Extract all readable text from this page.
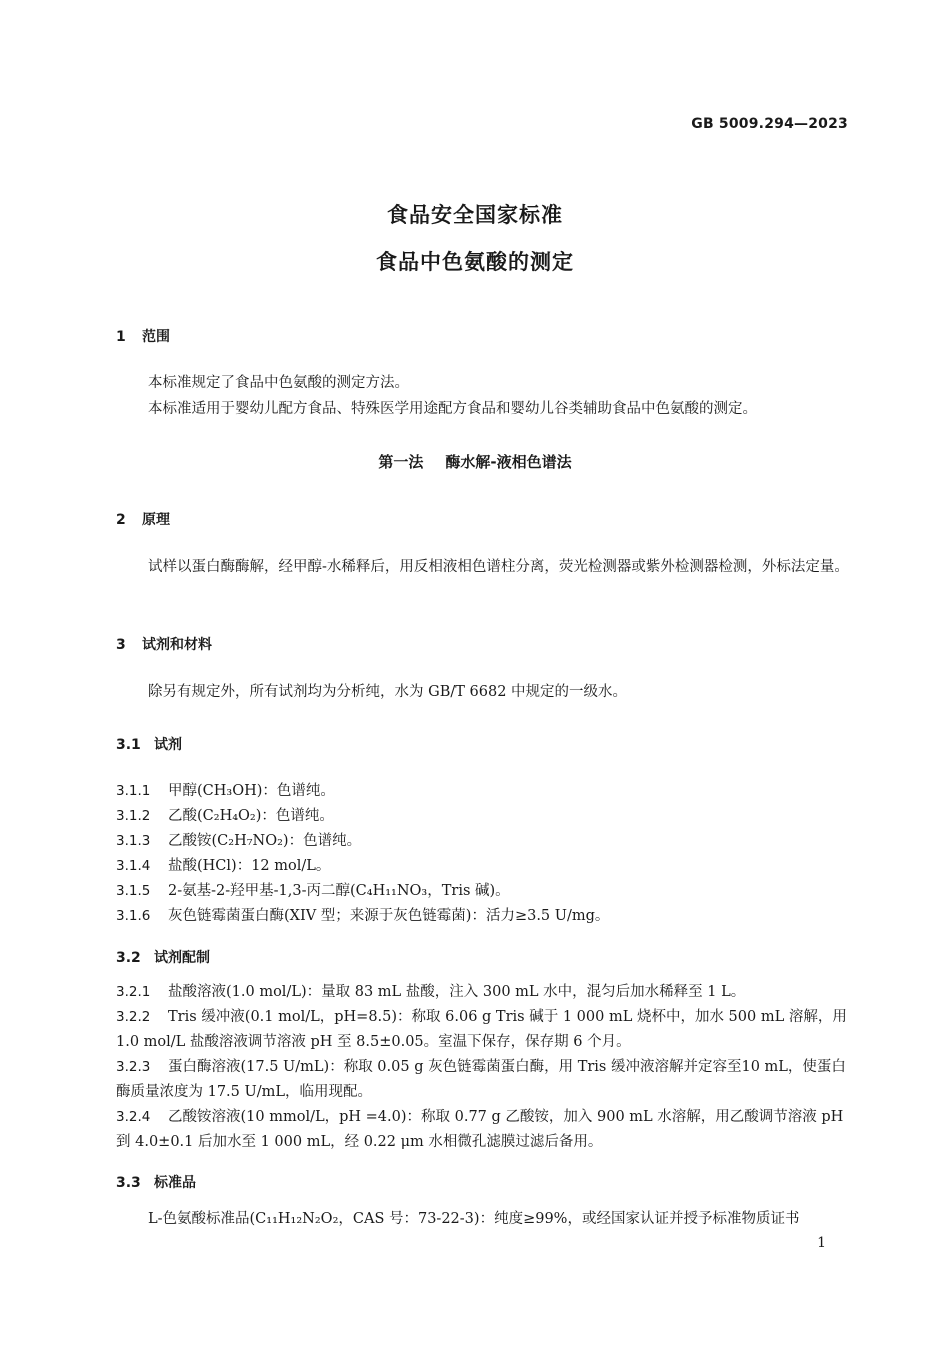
GB 5009.294—2023
食品安全国家标准
食品中色氨酸的测定
1 范围
本标准规定了食品中色氨酸的测定方法。
本标准适用于婴幼儿配方食品、特殊医学用途配方食品和婴幼儿谷类辅助食品中色氨酸的测定。
第一法 酶水解-液相色谱法
2 原理
试样以蛋白酶酶解，经甲醇-水稀释后，用反相液相色谱柱分离，荧光检测器或紫外检测器检测，外标法定量。
3 试剂和材料
除另有规定外，所有试剂均为分析纯，水为 GB/T 6682 中规定的一级水。
3.1 试剂
3.1.1 甲醇(CH₃OH)：色谱纯。
3.1.2 乙酸(C₂H₄O₂)：色谱纯。
3.1.3 乙酸铵(C₂H₇NO₂)：色谱纯。
3.1.4 盐酸(HCl)：12 mol/L。
3.1.5 2-氨基-2-羟甲基-1,3-丙二醇(C₄H₁₁NO₃，Tris 碱)。
3.1.6 灰色链霉菌蛋白酶(XIV 型；来源于灰色链霉菌)：活力≥3.5 U/mg。
3.2 试剂配制
3.2.1 盐酸溶液(1.0 mol/L)：量取 83 mL 盐酸，注入 300 mL 水中，混匀后加水稀释至 1 L。
3.2.2 Tris 缓冲液(0.1 mol/L，pH=8.5)：称取 6.06 g Tris 碱于 1 000 mL 烧杯中，加水 500 mL 溶解，用 1.0 mol/L 盐酸溶液调节溶液 pH 至 8.5±0.05。室温下保存，保存期 6 个月。
3.2.3 蛋白酶溶液(17.5 U/mL)：称取 0.05 g 灰色链霉菌蛋白酶，用 Tris 缓冲液溶解并定容至10 mL，使蛋白酶质量浓度为 17.5 U/mL，临用现配。
3.2.4 乙酸铵溶液(10 mmol/L，pH =4.0)：称取 0.77 g 乙酸铵，加入 900 mL 水溶解，用乙酸调节溶液 pH 到 4.0±0.1 后加水至 1 000 mL，经 0.22 μm 水相微孔滤膜过滤后备用。
3.3 标准品
L-色氨酸标准品(C₁₁H₁₂N₂O₂，CAS 号：73-22-3)：纯度≥99%，或经国家认证并授予标准物质证书
1
